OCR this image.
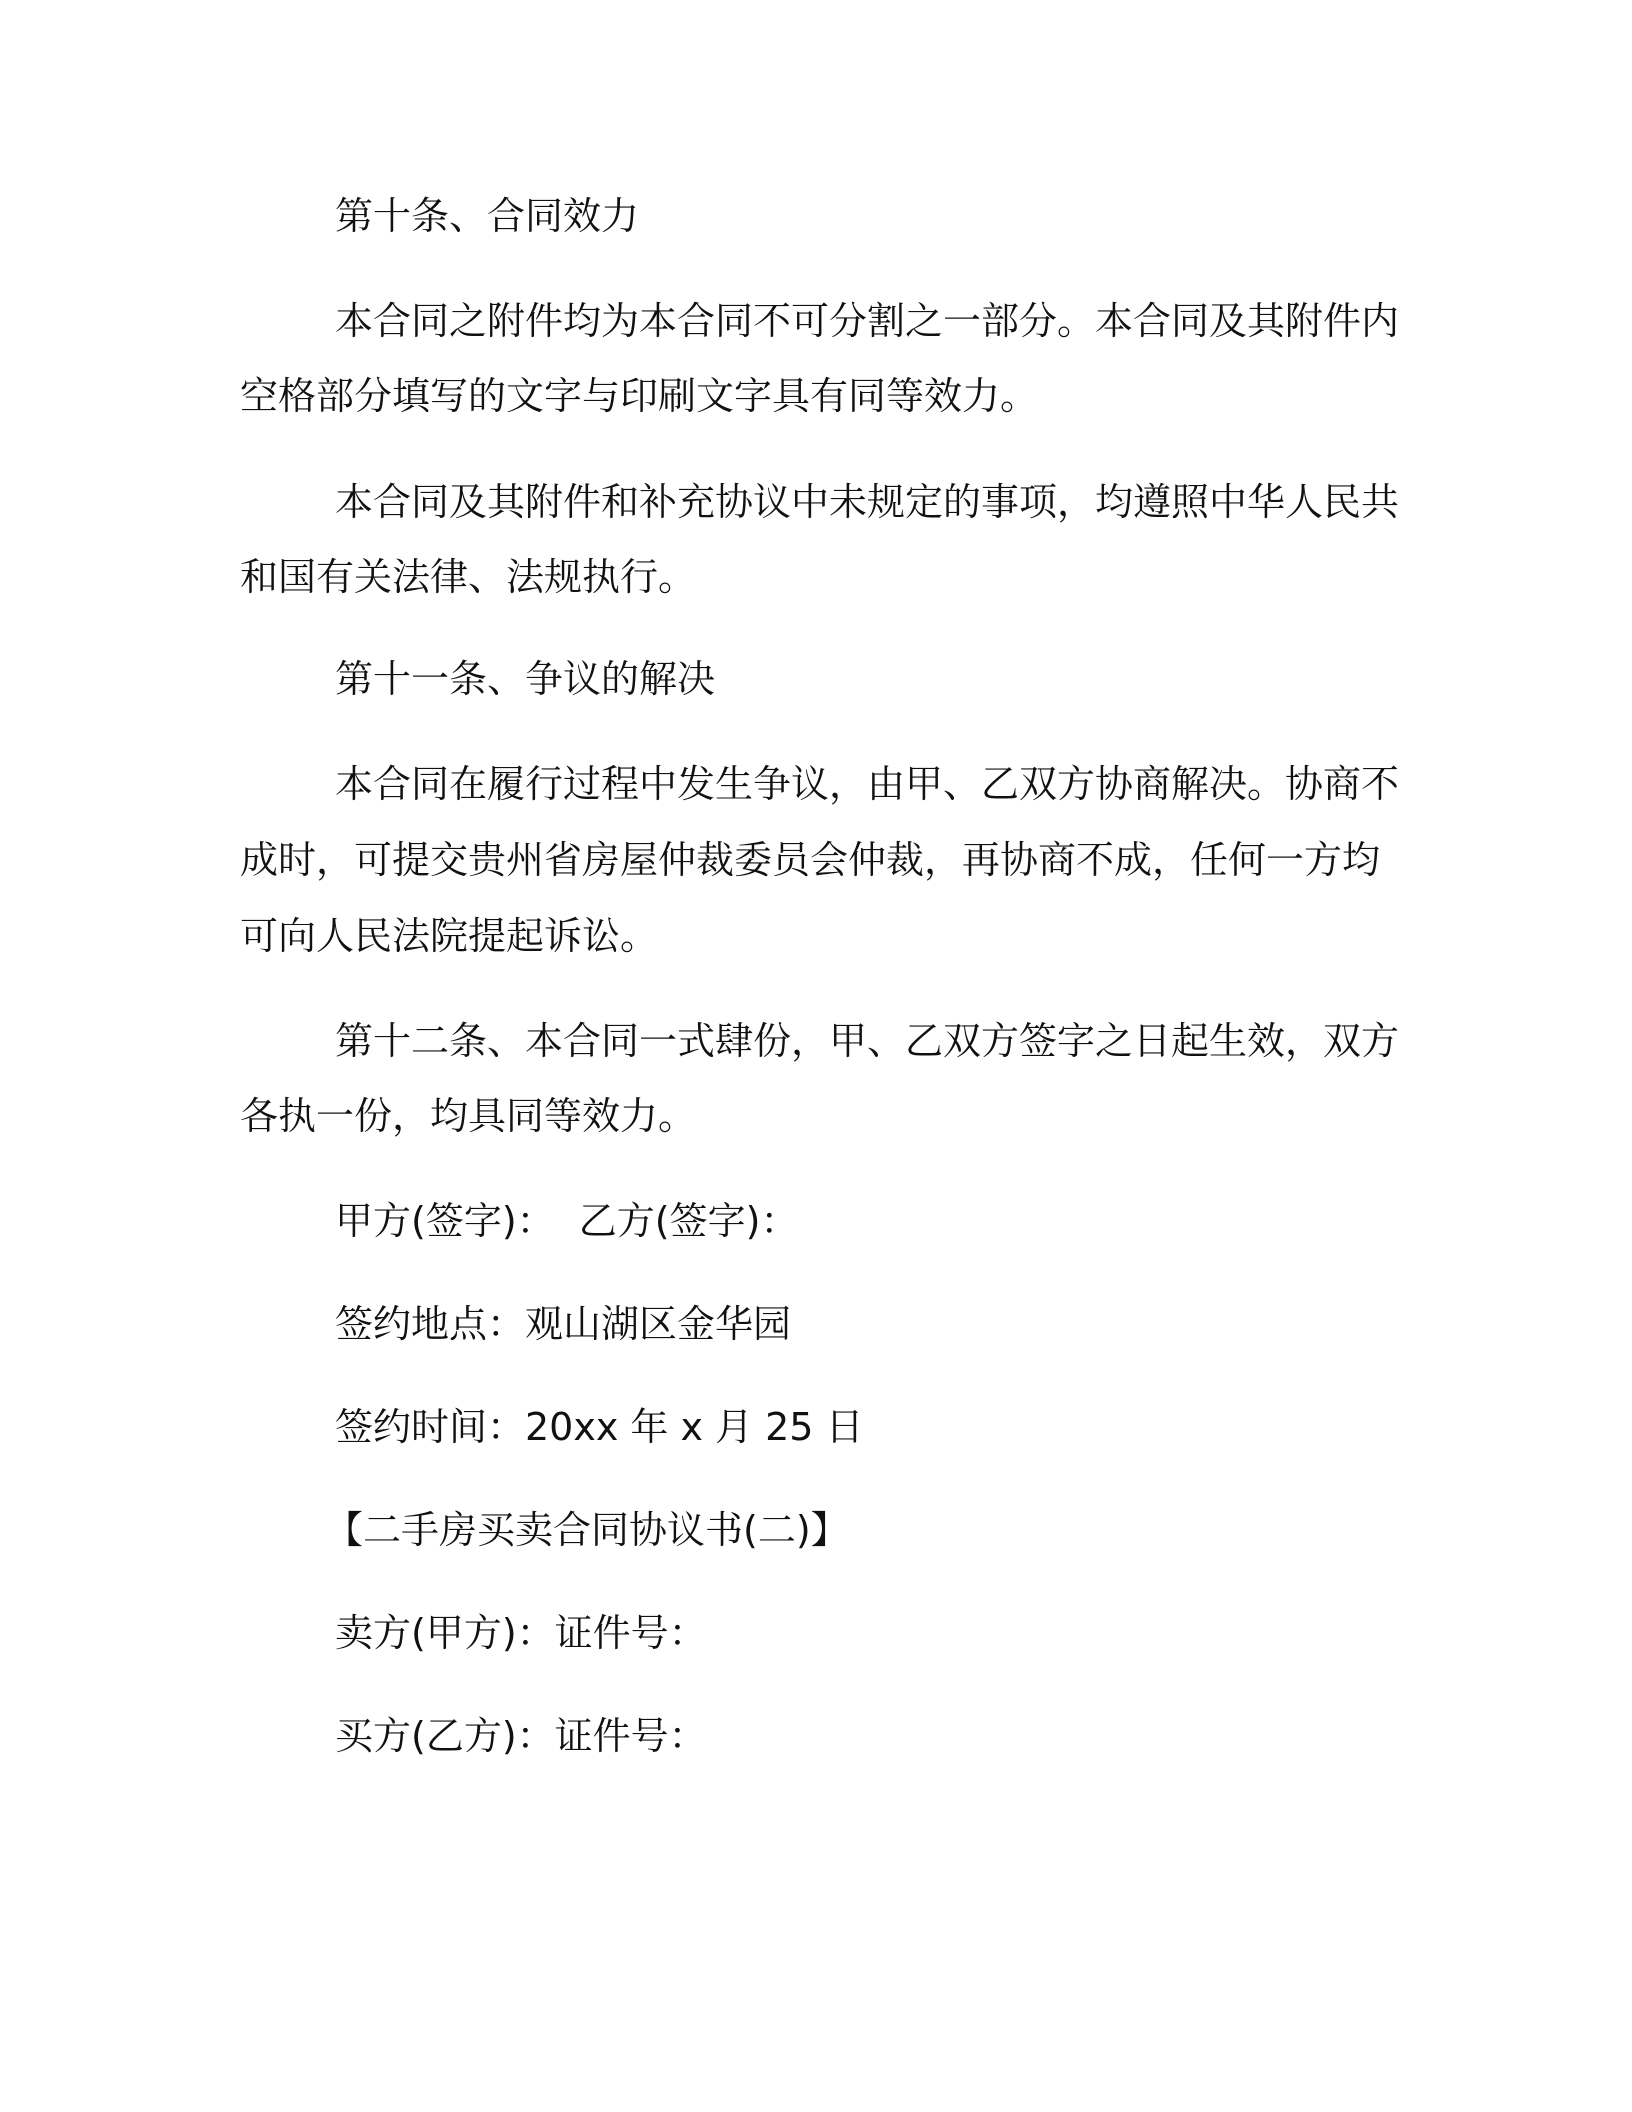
第十条、合同效力
本合同之附件均为本合同不可分割之一部分。本合同及其附件内
空格部分填写的文字与印刷文字具有同等效力。
本合同及其附件和补充协议中未规定的事项，均遵照中华人民共
和国有关法律、法规执行。
第十一条、争议的解决
本合同在履行过程中发生争议，由甲、乙双方协商解决。协商不
成时，可提交贵州省房屋仲裁委员会仲裁，再协商不成，任何一方均
可向人民法院提起诉讼。
第十二条、本合同一式肆份，甲、乙双方签字之日起生效，双方
各执一份，均具同等效力。
甲方(签字)：  乙方(签字)：
签约地点：观山湖区金华园
签约时间：20xx 年 x 月 25 日
【二手房买卖合同协议书(二)】
卖方(甲方)：证件号：
买方(乙方)：证件号：
